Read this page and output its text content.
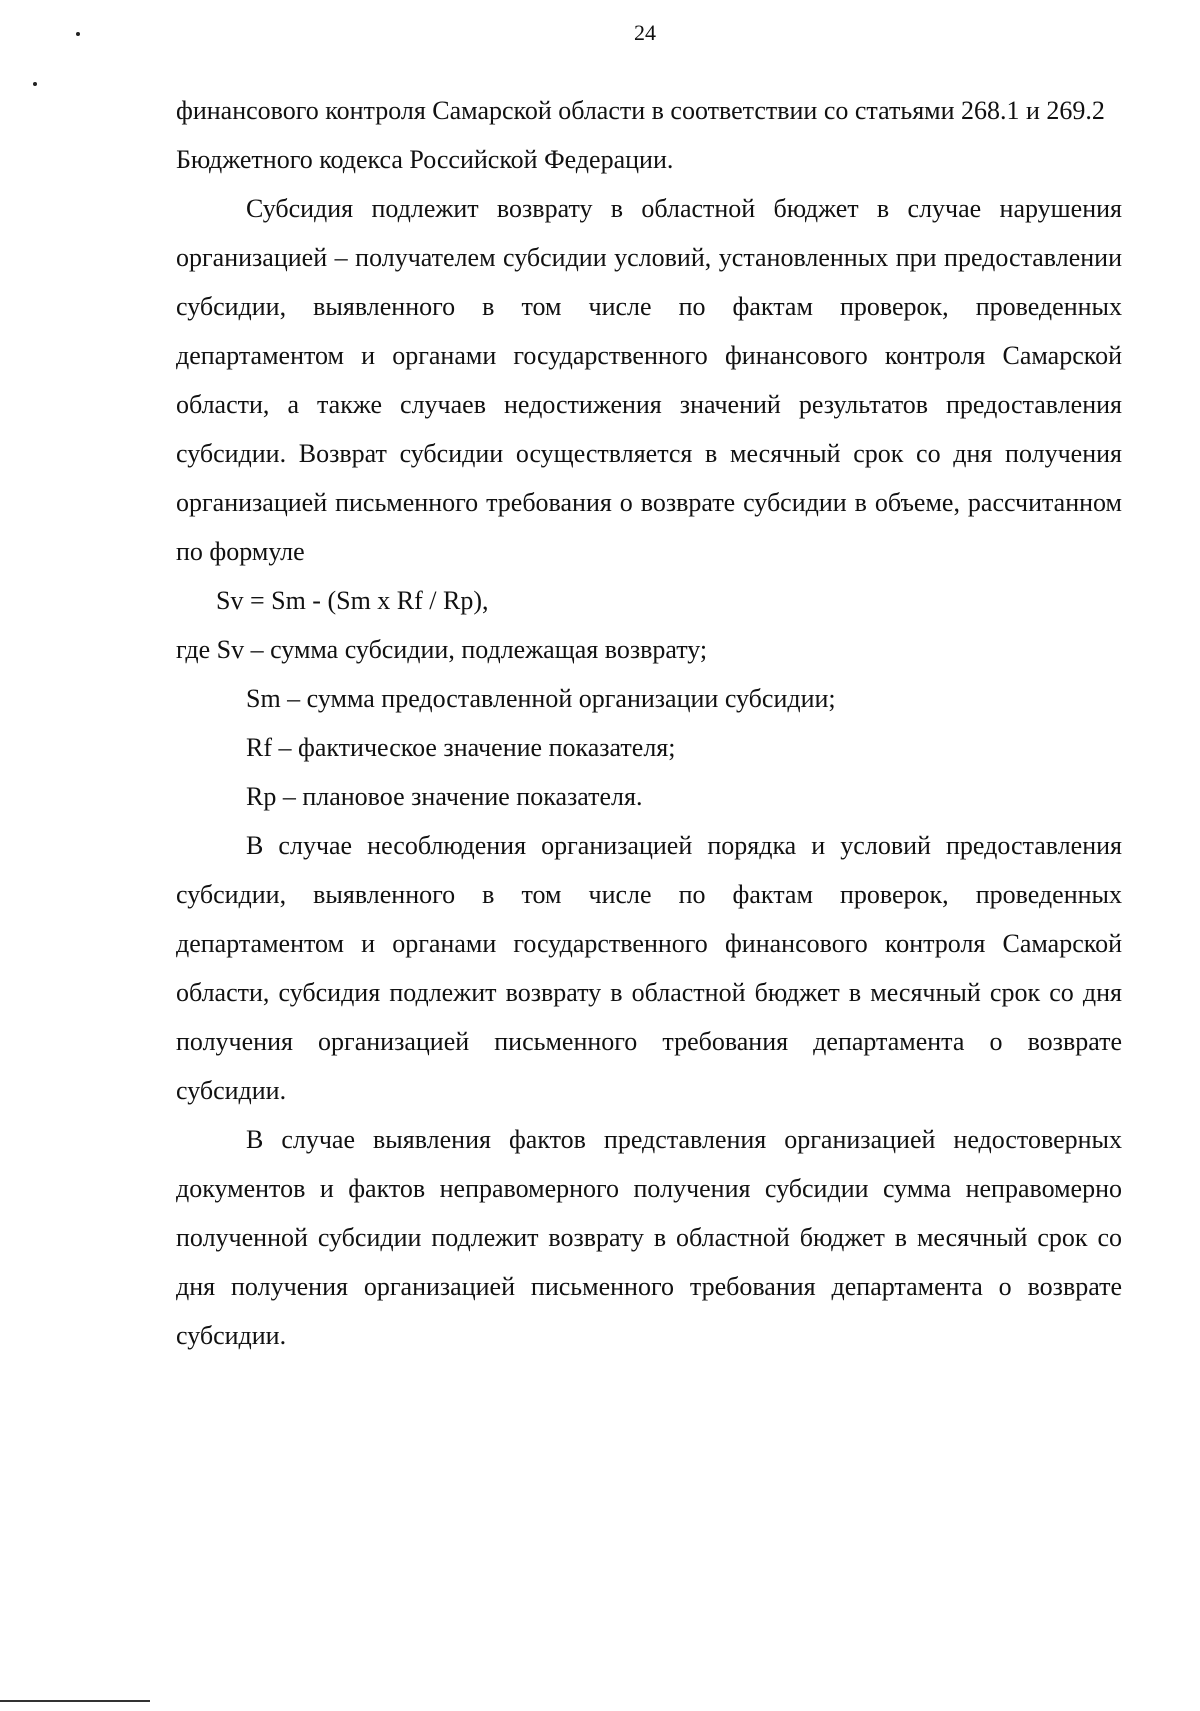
24

финансового контроля Самарской области в соответствии со статьями 268.1 и 269.2 Бюджетного кодекса Российской Федерации.

Субсидия подлежит возврату в областной бюджет в случае нарушения организацией – получателем субсидии условий, установленных при предоставлении субсидии, выявленного в том числе по фактам проверок, проведенных департаментом и органами государственного финансового контроля Самарской области, а также случаев недостижения значений результатов предоставления субсидии. Возврат субсидии осуществляется в месячный срок со дня получения организацией письменного требования о возврате субсидии в объеме, рассчитанном по формуле

Sv = Sm - (Sm x Rf / Rp),

где Sv – сумма субсидии, подлежащая возврату;

Sm – сумма предоставленной организации субсидии;

Rf – фактическое значение показателя;

Rp – плановое значение показателя.

В случае несоблюдения организацией порядка и условий предоставления субсидии, выявленного в том числе по фактам проверок, проведенных департаментом и органами государственного финансового контроля Самарской области, субсидия подлежит возврату в областной бюджет в месячный срок со дня получения организацией письменного требования департамента о возврате субсидии.

В случае выявления фактов представления организацией недостоверных документов и фактов неправомерного получения субсидии сумма неправомерно полученной субсидии подлежит возврату в областной бюджет в месячный срок со дня получения организацией письменного требования департамента о возврате субсидии.
